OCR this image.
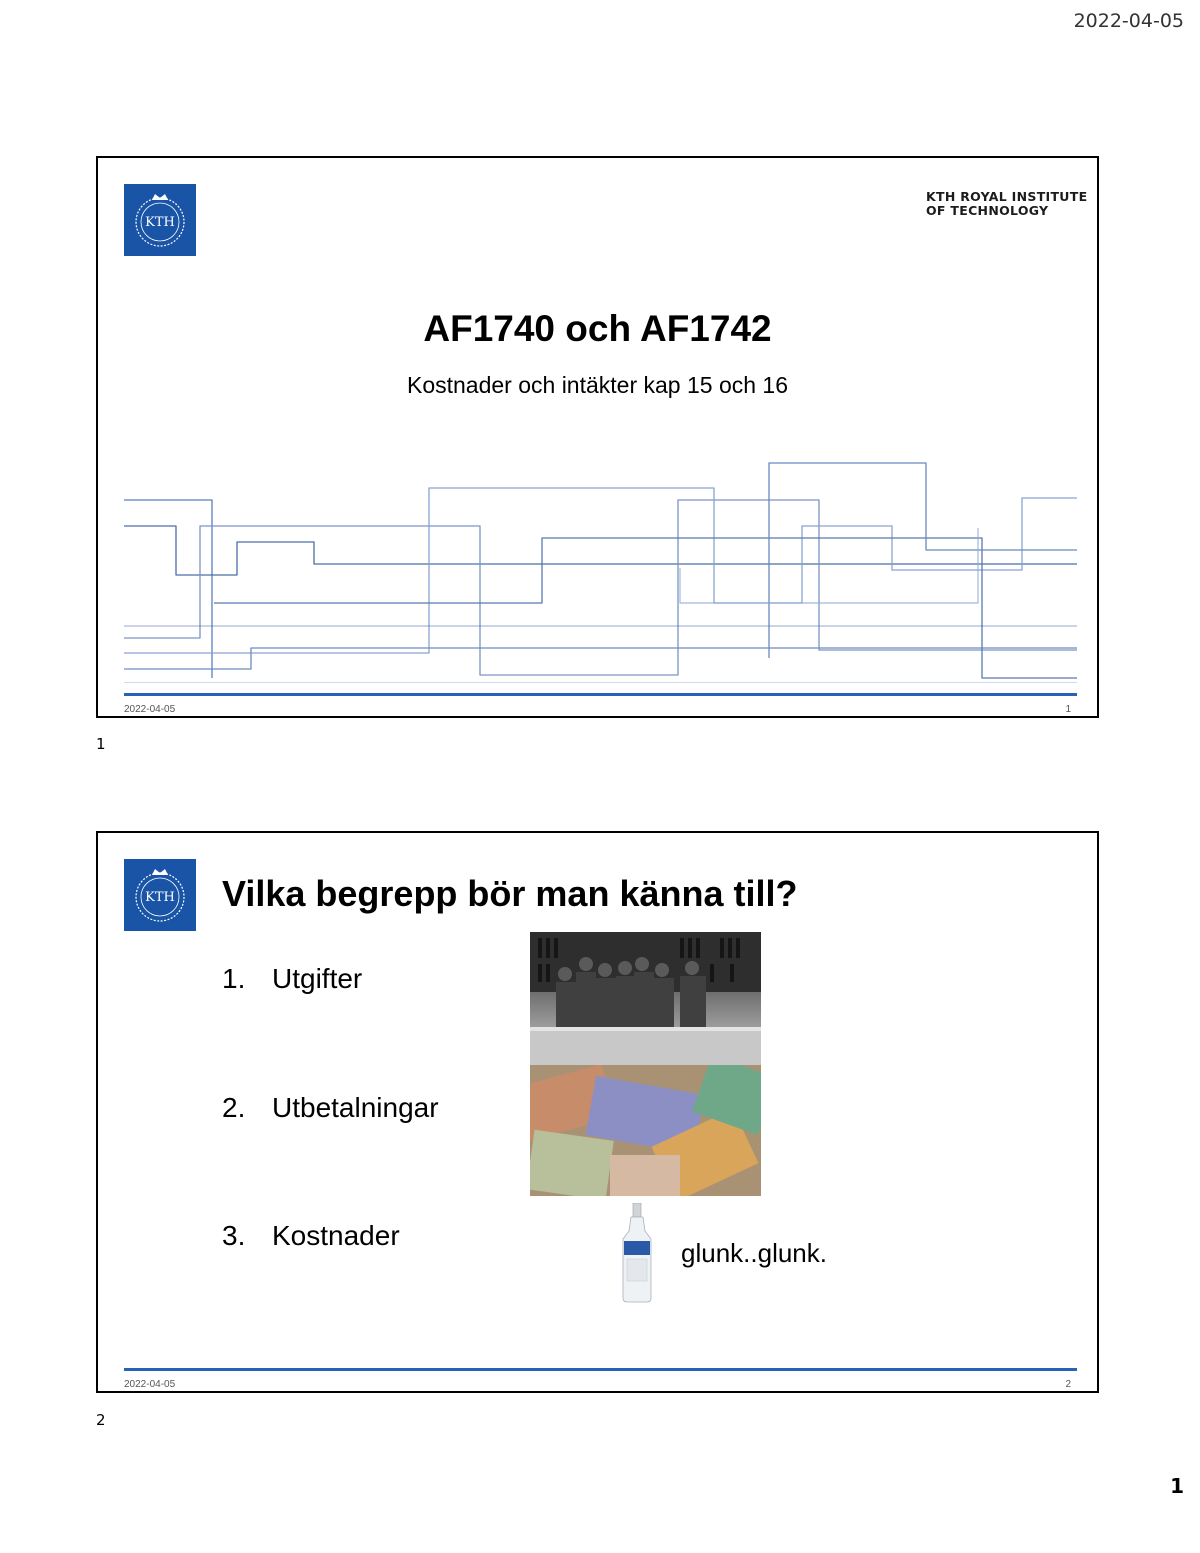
2022-04-05
KTH
KTH ROYAL INSTITUTE
OF TECHNOLOGY
AF1740 och AF1742
Kostnader och intäkter kap 15 och 16
2022-04-05	1
1
KTH Vilka begrepp bör man känna till?
1. Utgifter
2. Utbetalningar
3. Kostnader
glunk..glunk.
2022-04-05	2
2
1
